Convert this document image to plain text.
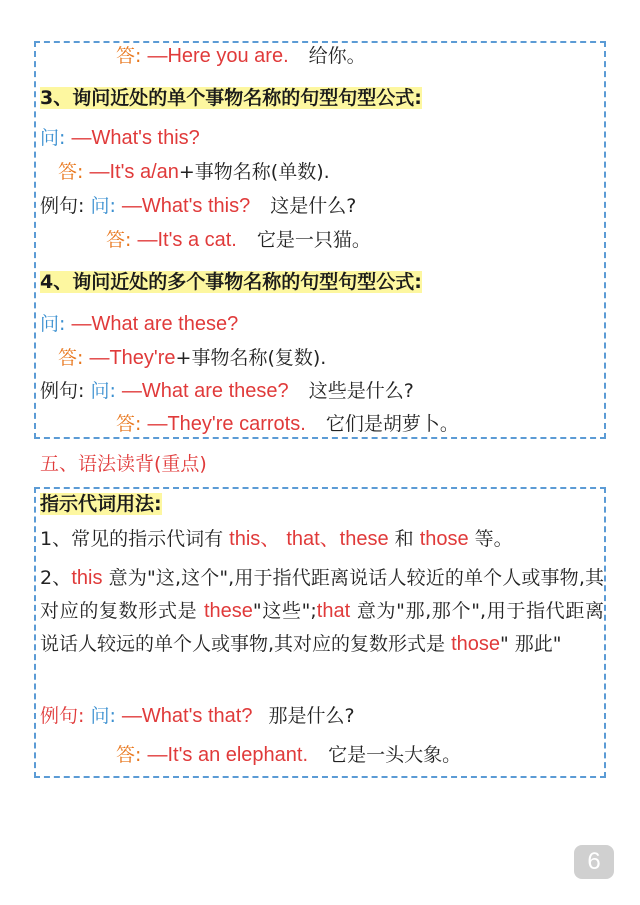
答: —Here you are. 给你。
3、询问近处的单个事物名称的句型句型公式:
问: —What's this?
答: —It's a/an+事物名称(单数).
例句: 问: —What's this? 这是什么?
答: —It's a cat. 它是一只猫。
4、询问近处的多个事物名称的句型句型公式:
问: —What are these?
答: —They're+事物名称(复数).
例句: 问: —What are these? 这些是什么?
答: —They're carrots. 它们是胡萝卜。
五、语法读背(重点)
指示代词用法:
1、常见的指示代词有 this、 that、these 和 those 等。
2、this 意为"这,这个",用于指代距离说话人较近的单个人或事物,其对应的复数形式是 these"这些";that 意为"那,那个",用于指代距离说话人较远的单个人或事物,其对应的复数形式是 those" 那此"
例句: 问: —What's that? 那是什么?
答: —It's an elephant. 它是一头大象。
6
